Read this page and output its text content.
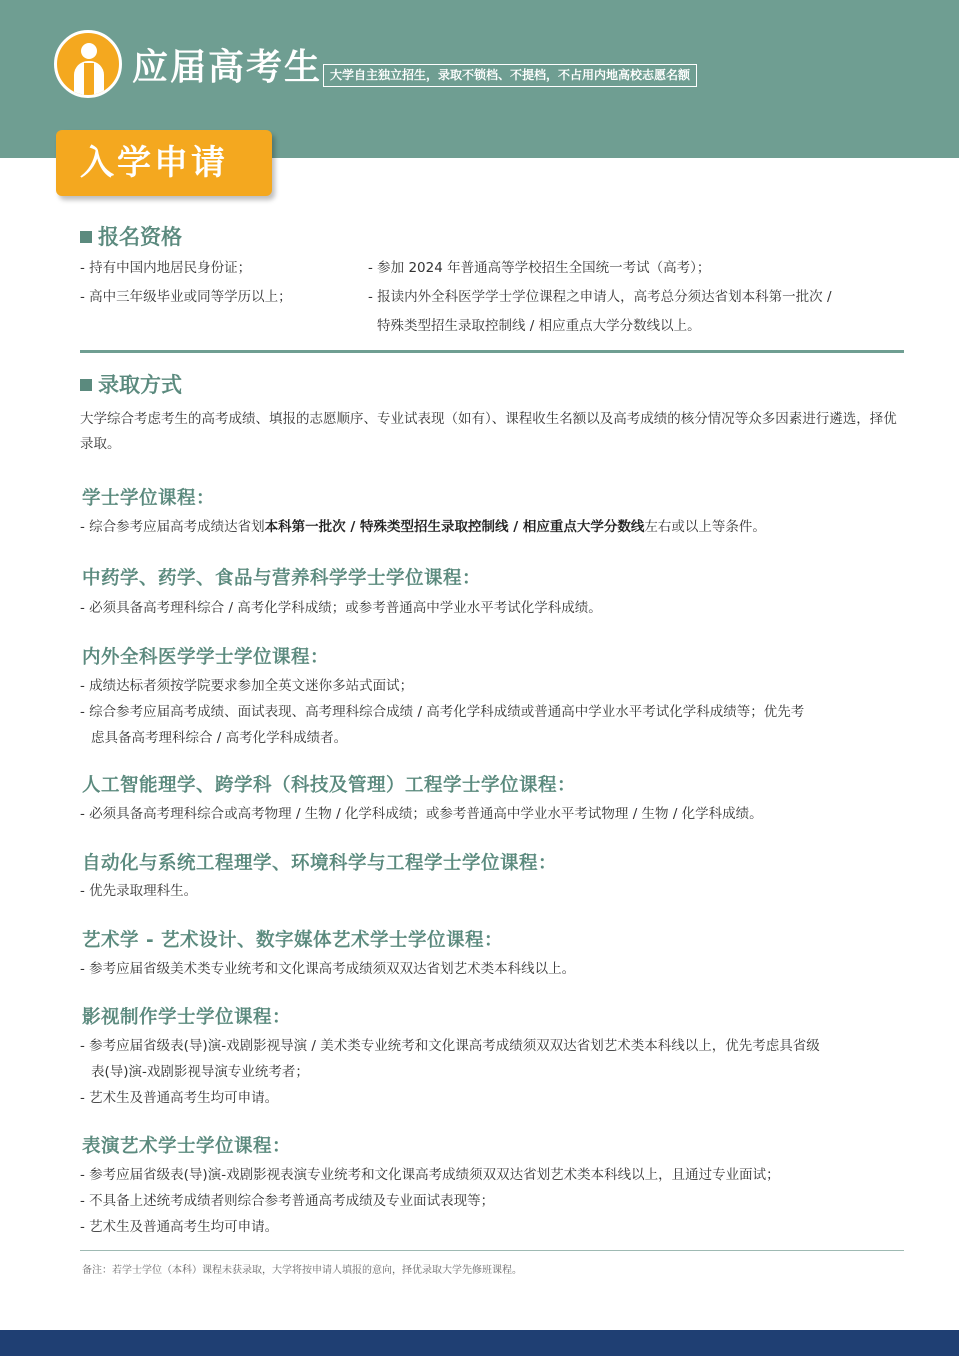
应届高考生 大学自主独立招生，录取不锁档、不提档，不占用内地高校志愿名额
入学申请
报名资格
- 持有中国内地居民身份证；
- 高中三年级毕业或同等学历以上；
- 参加 2024 年普通高等学校招生全国统一考试（高考）；
- 报读内外全科医学学士学位课程之申请人，高考总分须达省划本科第一批次 /
特殊类型招生录取控制线 / 相应重点大学分数线以上。
录取方式
大学综合考虑考生的高考成绩、填报的志愿顺序、专业试表现（如有）、课程收生名额以及高考成绩的核分情况等众多因素进行遴选，择优录取。
学士学位课程：
- 综合参考应届高考成绩达省划本科第一批次 / 特殊类型招生录取控制线 / 相应重点大学分数线左右或以上等条件。
中药学、药学、食品与营养科学学士学位课程：
- 必须具备高考理科综合 / 高考化学科成绩；或参考普通高中学业水平考试化学科成绩。
内外全科医学学士学位课程：
- 成绩达标者须按学院要求参加全英文迷你多站式面试；
- 综合参考应届高考成绩、面试表现、高考理科综合成绩 / 高考化学科成绩或普通高中学业水平考试化学科成绩等；优先考
虑具备高考理科综合 / 高考化学科成绩者。
人工智能理学、跨学科（科技及管理）工程学士学位课程：
- 必须具备高考理科综合或高考物理 / 生物 / 化学科成绩；或参考普通高中学业水平考试物理 / 生物 / 化学科成绩。
自动化与系统工程理学、环境科学与工程学士学位课程：
- 优先录取理科生。
艺术学 - 艺术设计、数字媒体艺术学士学位课程：
- 参考应届省级美术类专业统考和文化课高考成绩须双双达省划艺术类本科线以上。
影视制作学士学位课程：
- 参考应届省级表(导)演-戏剧影视导演 / 美术类专业统考和文化课高考成绩须双双达省划艺术类本科线以上，优先考虑具省级
表(导)演-戏剧影视导演专业统考者；
- 艺术生及普通高考生均可申请。
表演艺术学士学位课程：
- 参考应届省级表(导)演-戏剧影视表演专业统考和文化课高考成绩须双双达省划艺术类本科线以上，且通过专业面试；
- 不具备上述统考成绩者则综合参考普通高考成绩及专业面试表现等；
- 艺术生及普通高考生均可申请。
备注：若学士学位（本科）课程未获录取，大学将按申请人填报的意向，择优录取大学先修班课程。
